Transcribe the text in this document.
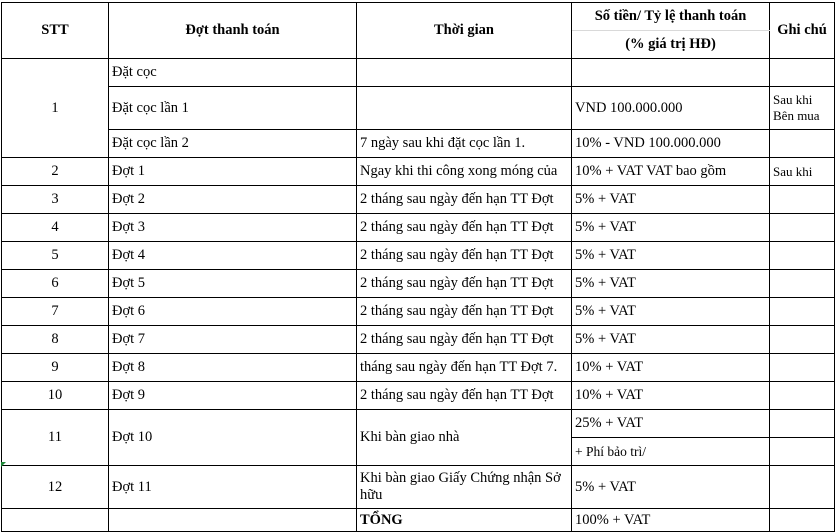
STT	Đợt thanh toán	Thời gian	Số tiền/ Tỷ lệ thanh toán	Ghi chú
			(% giá trị HĐ)	
1	Đặt cọc			
	Đặt cọc lần 1		VND 100.000.000	Sau khi Bên mua
	Đặt cọc lần 2	7 ngày sau khi đặt cọc lần 1.	10% - VND 100.000.000	
2	Đợt 1	Ngay khi thi công xong móng của	10% + VAT VAT bao gồm	Sau khi
3	Đợt 2	2 tháng sau ngày đến hạn TT Đợt	5% + VAT	
4	Đợt 3	2 tháng sau ngày đến hạn TT Đợt	5% + VAT	
5	Đợt 4	2 tháng sau ngày đến hạn TT Đợt	5% + VAT	
6	Đợt 5	2 tháng sau ngày đến hạn TT Đợt	5% + VAT	
7	Đợt 6	2 tháng sau ngày đến hạn TT Đợt	5% + VAT	
8	Đợt 7	2 tháng sau ngày đến hạn TT Đợt	5% + VAT	
9	Đợt 8	tháng sau ngày đến hạn TT Đợt 7.	10% + VAT	
10	Đợt 9	2 tháng sau ngày đến hạn TT Đợt	10% + VAT	
11	Đợt 10	Khi bàn giao nhà	25% + VAT	
			+ Phí bảo trì/	
12	Đợt 11	Khi bàn giao Giấy Chứng nhận Sở hữu	5% + VAT	
		TỔNG	100% + VAT	
